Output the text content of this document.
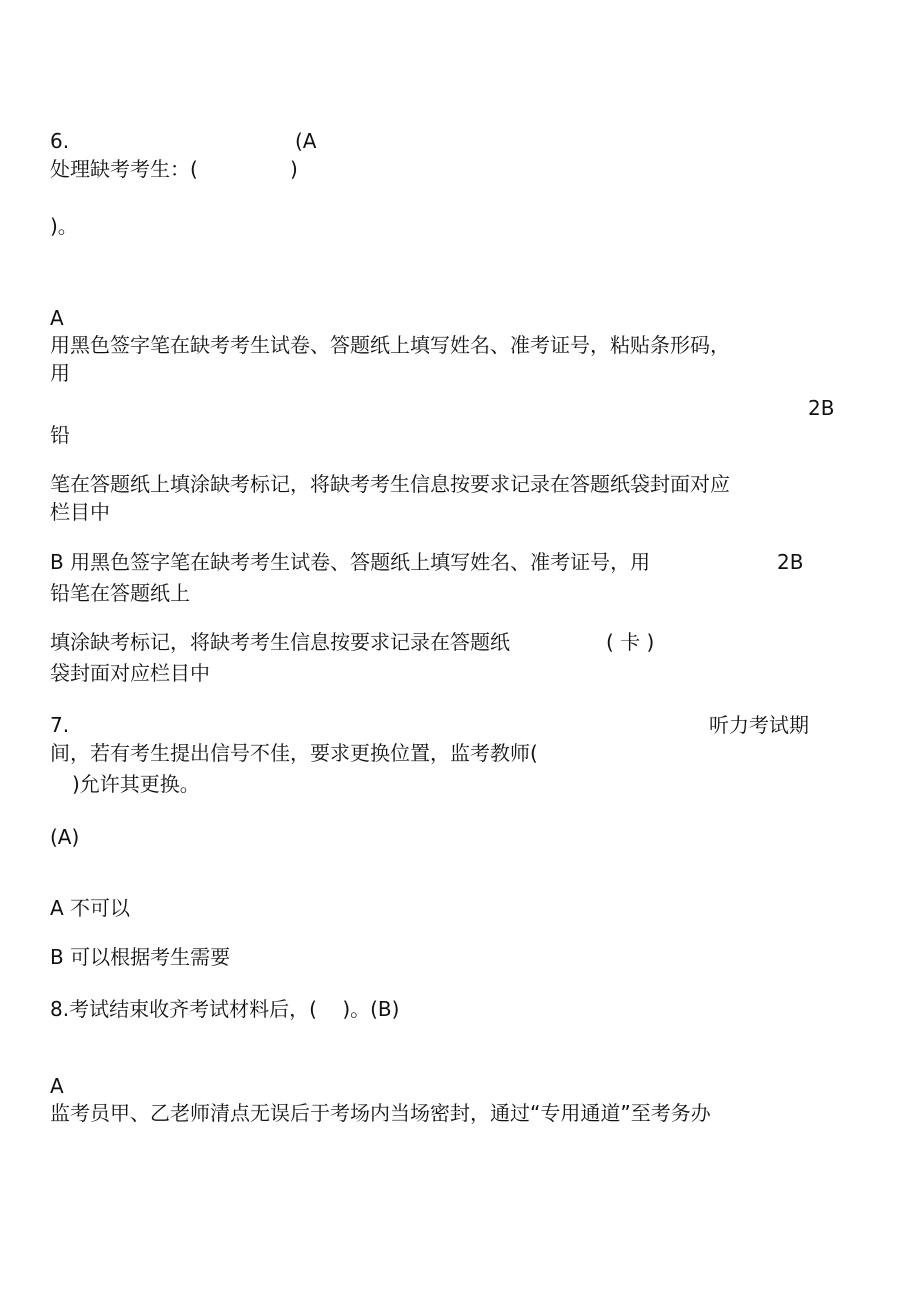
6.	(A
处理缺考考生：(	)
)。
A
用黑色签字笔在缺考考生试卷、答题纸上填写姓名、准考证号，粘贴条形码，
用
2B
铅
笔在答题纸上填涂缺考标记，将缺考考生信息按要求记录在答题纸袋封面对应
栏目中
B 用黑色签字笔在缺考考生试卷、答题纸上填写姓名、准考证号，用	2B
铅笔在答题纸上
填涂缺考标记，将缺考考生信息按要求记录在答题纸	( 卡 )
袋封面对应栏目中
7.	听力考试期
间，若有考生提出信号不佳，要求更换位置，监考教师(
)允许其更换。
(A)
A 不可以
B 可以根据考生需要
8.考试结束收齐考试材料后，(    )。(B)
A
监考员甲、乙老师清点无误后于考场内当场密封，通过“专用通道”至考务办
